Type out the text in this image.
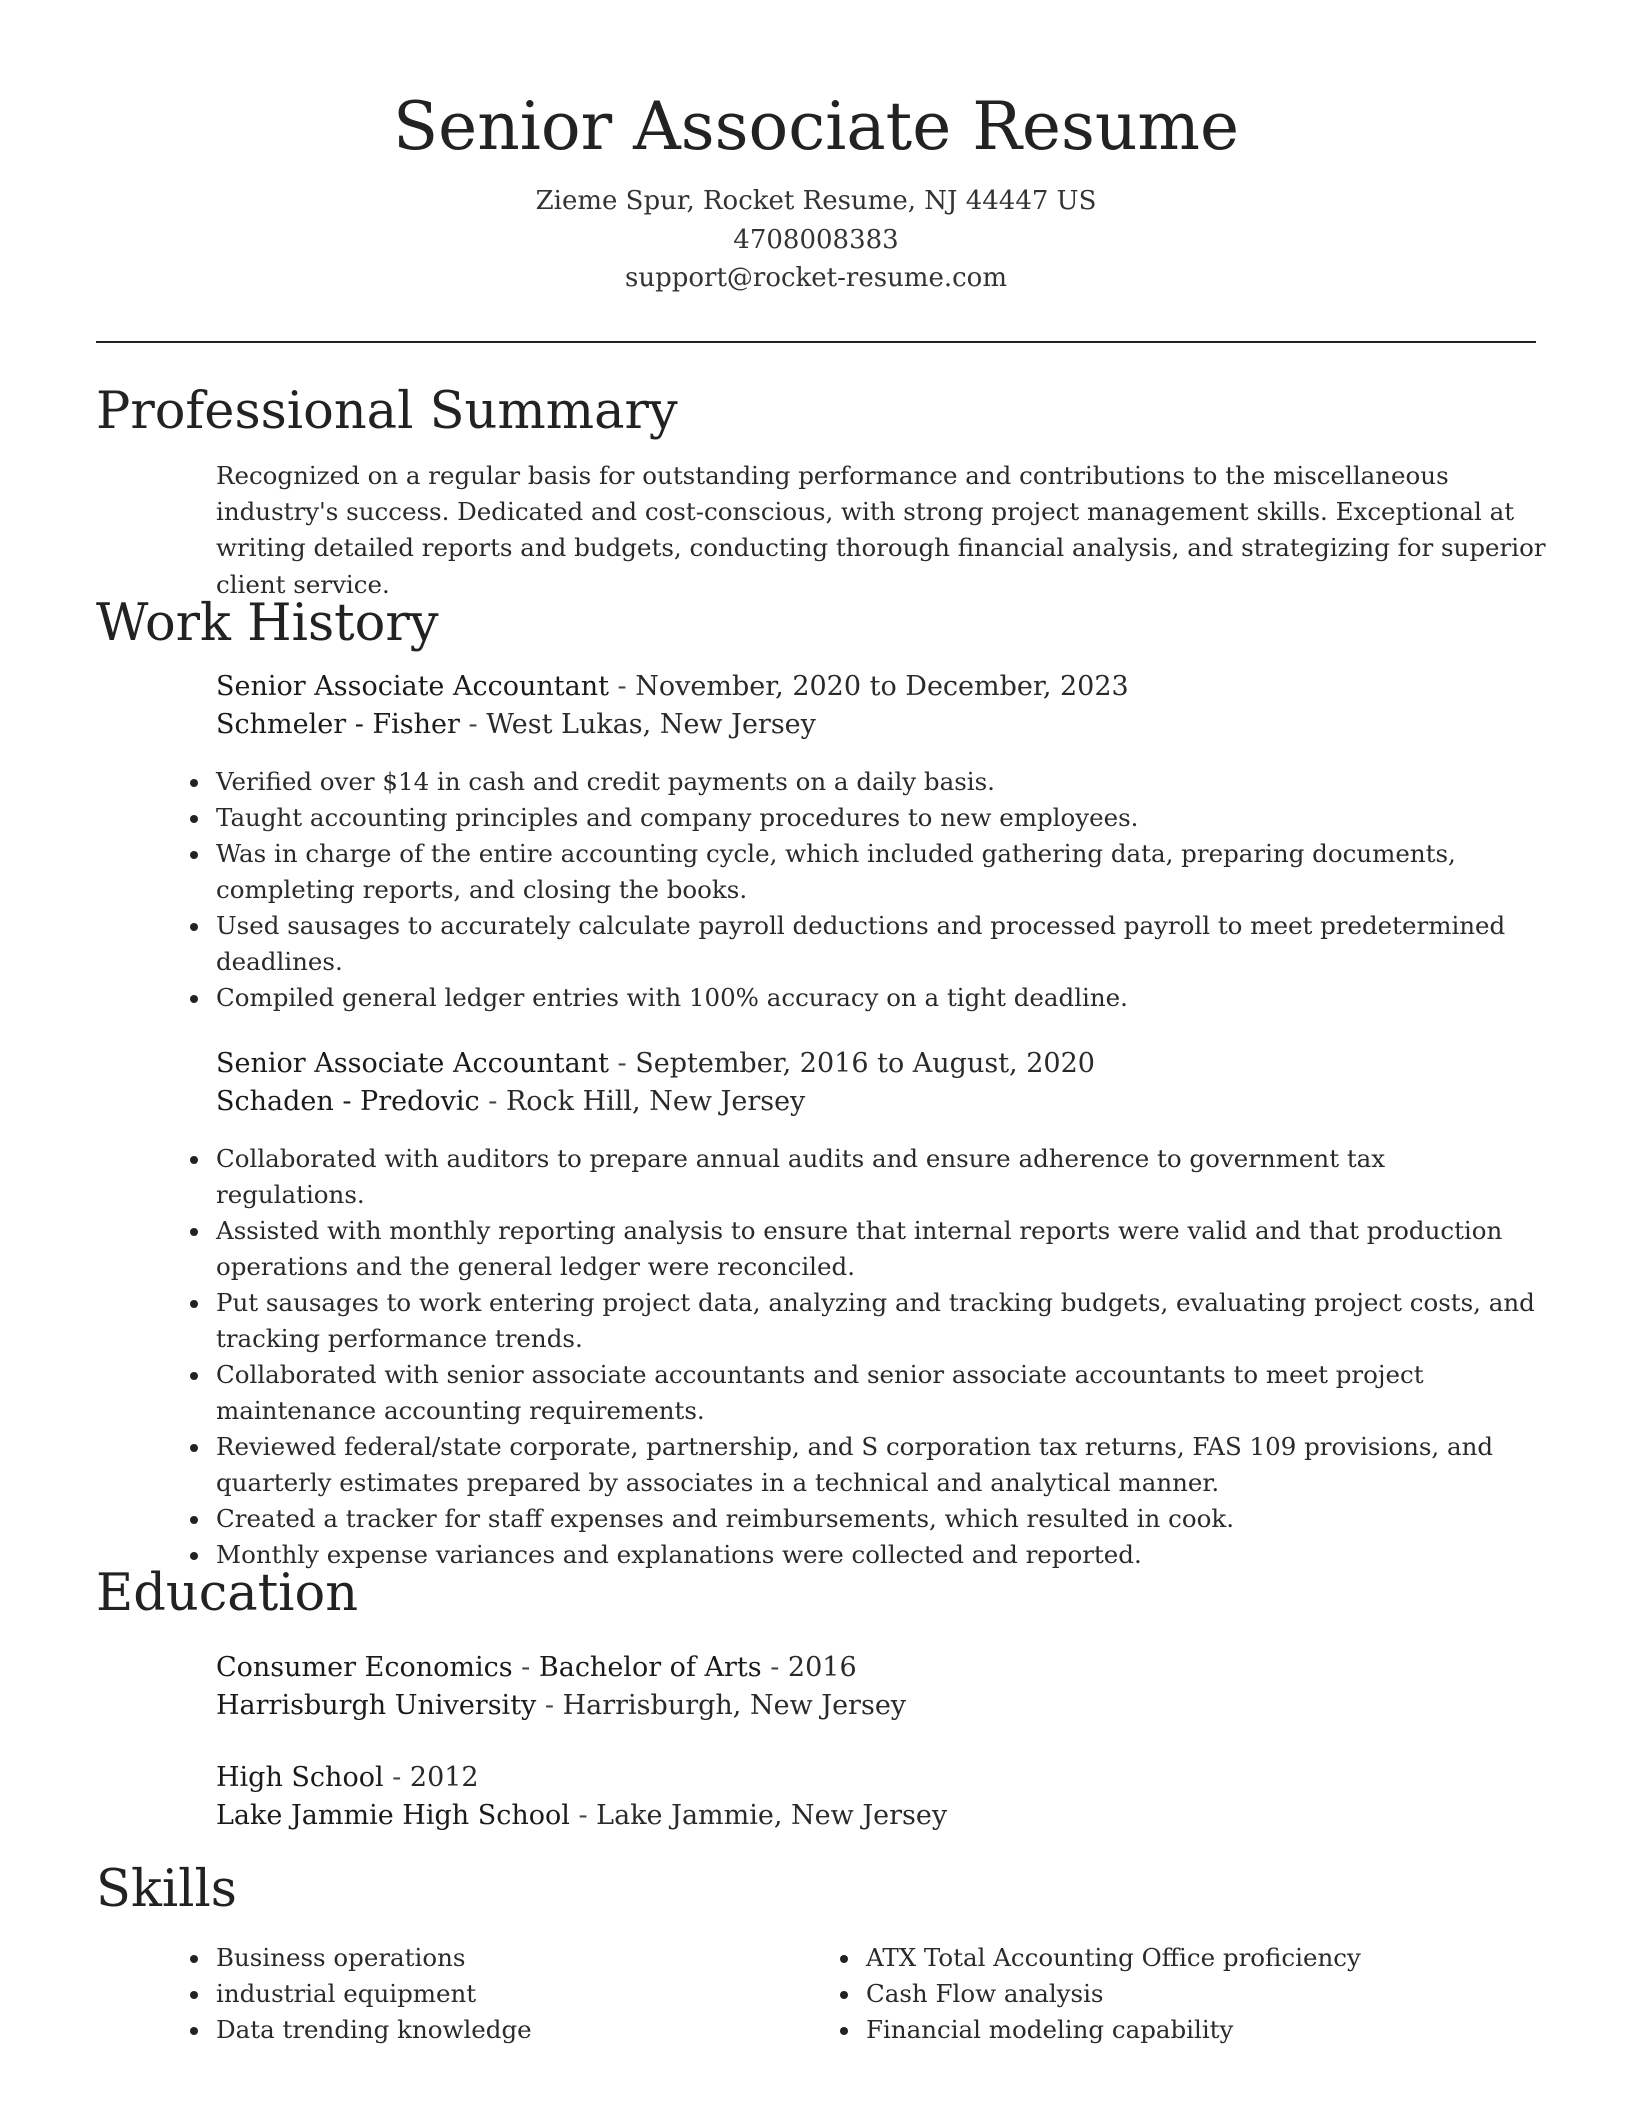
Senior Associate Resume
Zieme Spur, Rocket Resume, NJ 44447 US
4708008383
support@rocket-resume.com
Professional Summary
Recognized on a regular basis for outstanding performance and contributions to the miscellaneous industry's success. Dedicated and cost-conscious, with strong project management skills. Exceptional at writing detailed reports and budgets, conducting thorough financial analysis, and strategizing for superior client service.
Work History
Senior Associate Accountant - November, 2020 to December, 2023
Schmeler - Fisher - West Lukas, New Jersey
Verified over $14 in cash and credit payments on a daily basis.
Taught accounting principles and company procedures to new employees.
Was in charge of the entire accounting cycle, which included gathering data, preparing documents, completing reports, and closing the books.
Used sausages to accurately calculate payroll deductions and processed payroll to meet predetermined deadlines.
Compiled general ledger entries with 100% accuracy on a tight deadline.
Senior Associate Accountant - September, 2016 to August, 2020
Schaden - Predovic - Rock Hill, New Jersey
Collaborated with auditors to prepare annual audits and ensure adherence to government tax regulations.
Assisted with monthly reporting analysis to ensure that internal reports were valid and that production operations and the general ledger were reconciled.
Put sausages to work entering project data, analyzing and tracking budgets, evaluating project costs, and tracking performance trends.
Collaborated with senior associate accountants and senior associate accountants to meet project maintenance accounting requirements.
Reviewed federal/state corporate, partnership, and S corporation tax returns, FAS 109 provisions, and quarterly estimates prepared by associates in a technical and analytical manner.
Created a tracker for staff expenses and reimbursements, which resulted in cook.
Monthly expense variances and explanations were collected and reported.
Education
Consumer Economics - Bachelor of Arts - 2016
Harrisburgh University - Harrisburgh, New Jersey
High School - 2012
Lake Jammie High School - Lake Jammie, New Jersey
Skills
Business operations
industrial equipment
Data trending knowledge
ATX Total Accounting Office proficiency
Cash Flow analysis
Financial modeling capability
